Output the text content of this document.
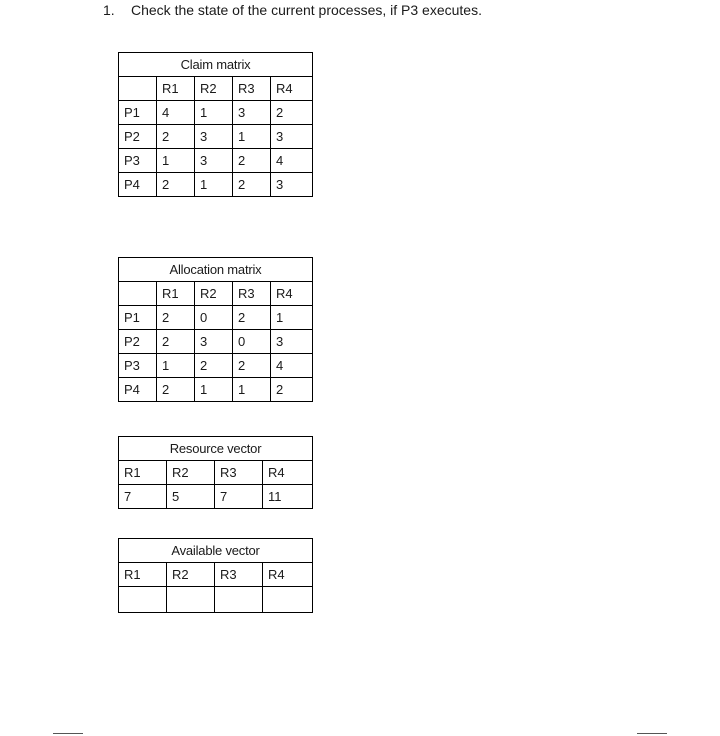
1. Check the state of the current processes, if P3 executes.
Claim matrix				
	R1	R2	R3	R4
P1	4	1	3	2
P2	2	3	1	3
P3	1	3	2	4
P4	2	1	2	3
Allocation matrix				
	R1	R2	R3	R4
P1	2	0	2	1
P2	2	3	0	3
P3	1	2	2	4
P4	2	1	1	2
Resource vector			
R1	R2	R3	R4
7	5	7	11
Available vector			
R1	R2	R3	R4
